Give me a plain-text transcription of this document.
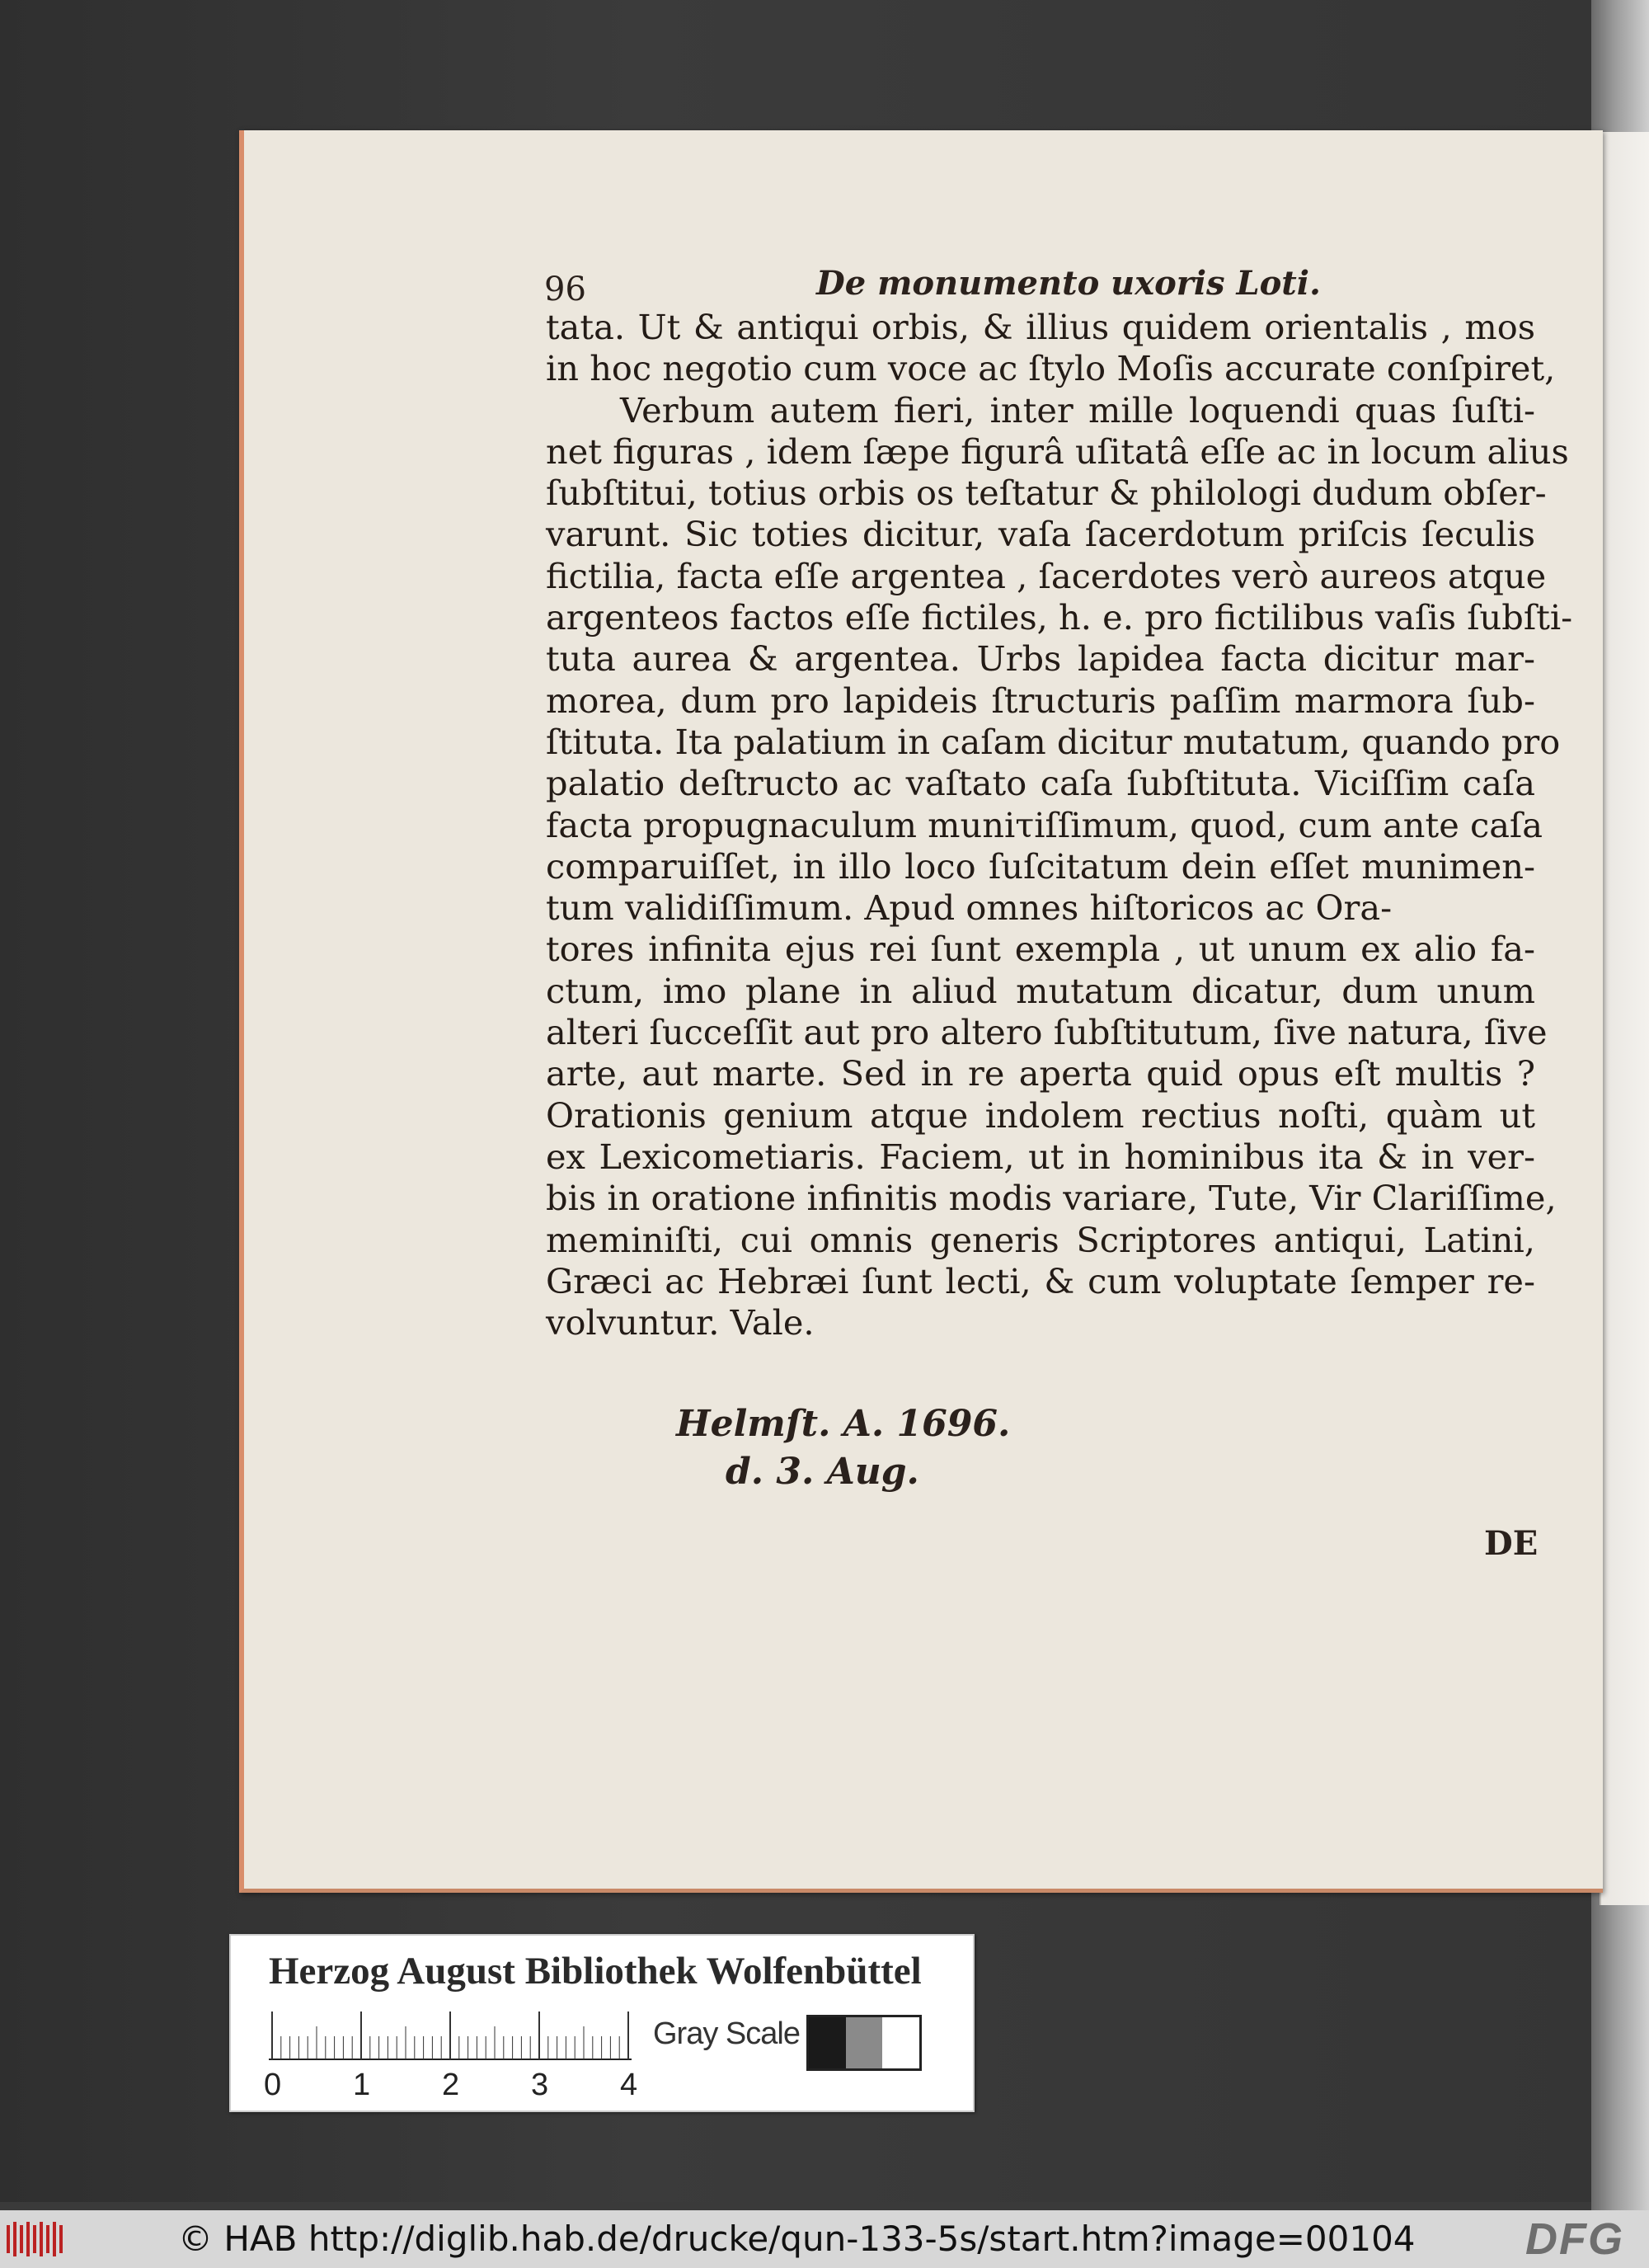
96	De monumento uxoris Loti.
tata. Ut & antiqui orbis, & illius quidem orientalis , mos
in hoc negotio cum voce ac ſtylo Moſis accurate conſpiret,
Verbum autem fieri, inter mille loquendi quas ſuſti-
net figuras , idem ſæpe figurâ uſitatâ eſſe ac in locum alius
ſubſtitui, totius orbis os teſtatur & philologi dudum obſer-
varunt. Sic toties dicitur, vaſa ſacerdotum priſcis ſeculis
fictilia, facta eſſe argentea , ſacerdotes verò aureos atque
argenteos factos eſſe fictiles, h. e. pro fictilibus vaſis ſubſti-
tuta aurea & argentea. Urbs lapidea facta dicitur mar-
morea, dum pro lapideis ſtructuris paſſim marmora ſub-
ſtituta. Ita palatium in caſam dicitur mutatum, quando pro
palatio deſtructo ac vaſtato caſa ſubſtituta. Viciſſim caſa
facta propugnaculum muniτiſſimum, quod, cum ante caſa
comparuiſſet, in illo loco ſuſcitatum dein eſſet munimen-
tum validiſſimum. Apud omnes hiſtoricos ac Ora-
tores infinita ejus rei ſunt exempla , ut unum ex alio fa-
ctum, imo plane in aliud mutatum dicatur, dum unum
alteri ſucceſſit aut pro altero ſubſtitutum, ſive natura, ſive
arte, aut marte. Sed in re aperta quid opus eſt multis ?
Orationis genium atque indolem rectius noſti, quàm ut
ex Lexicometiaris. Faciem, ut in hominibus ita & in ver-
bis in oratione infinitis modis variare, Tute, Vir Clariſſime,
meminiſti, cui omnis generis Scriptores antiqui, Latini,
Græci ac Hebræi ſunt lecti, & cum voluptate ſemper re-
volvuntur. Vale.
Helmſt. A. 1696.
d. 3. Aug.
DE
Herzog August Bibliothek Wolfenbüttel
0 1 2 3 4
Gray Scale
© HAB http://diglib.hab.de/drucke/qun-133-5s/start.htm?image=00104 DFG
